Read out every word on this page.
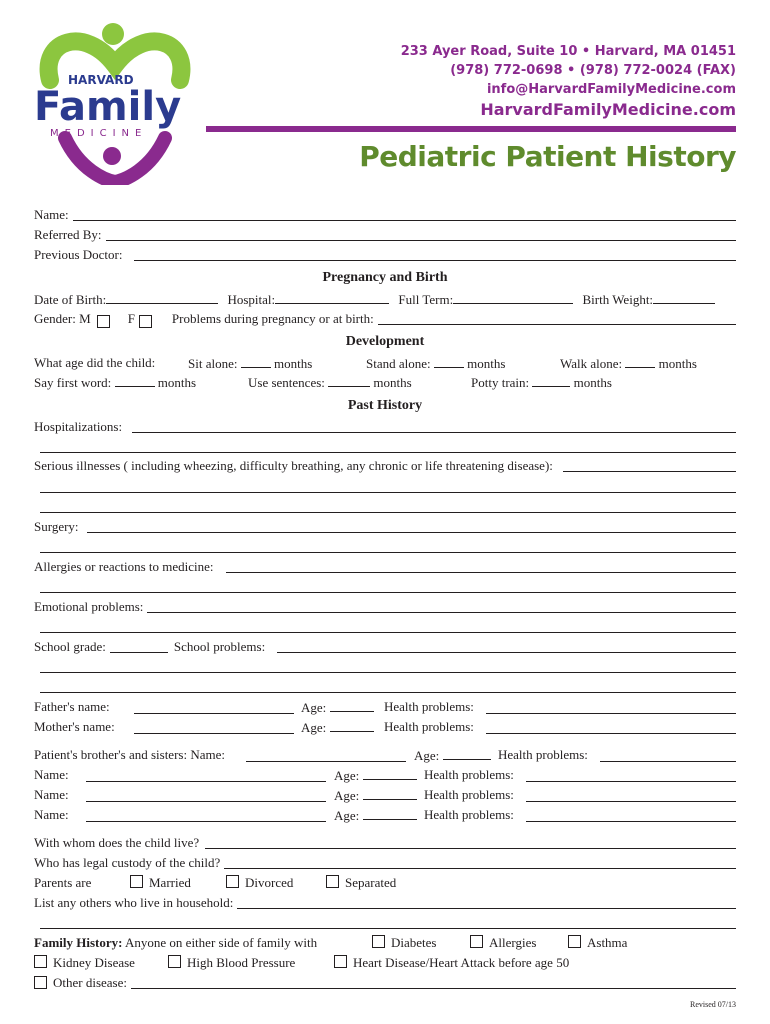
HARVARD
Family
MEDICINE
233 Ayer Road, Suite 10 • Harvard, MA 01451
(978) 772-0698 • (978) 772-0024 (FAX)
info@HarvardFamilyMedicine.com
HarvardFamilyMedicine.com
Pediatric Patient History
Name:
Referred By:
Previous Doctor:
Pregnancy and Birth
Date of Birth:	Hospital:	Full Term:	Birth Weight:
Gender: M	F	Problems during pregnancy or at birth:
Development
What age did the child:	Sit alone:	months	Stand alone:	months	Walk alone:	months
Say first word:	months	Use sentences:	months	Potty train:	months
Past History
Hospitalizations:
Serious illnesses ( including wheezing, difficulty breathing, any chronic or life threatening disease):
Surgery:
Allergies or reactions to medicine:
Emotional problems:
School grade:	School problems:
Father's name:	Age:	Health problems:
Mother's name:	Age:	Health problems:
Patient's brother's and sisters: Name:	Age:	Health problems:
Name:	Age:	Health problems:
Name:	Age:	Health problems:
Name:	Age:	Health problems:
With whom does the child live?
Who has legal custody of the child?
Parents are	Married	Divorced	Separated
List any others who live in household:
Family History: Anyone on either side of family with	Diabetes	Allergies	Asthma
Kidney Disease	High Blood Pressure	Heart Disease/Heart Attack before age 50
Other disease:
Revised 07/13
